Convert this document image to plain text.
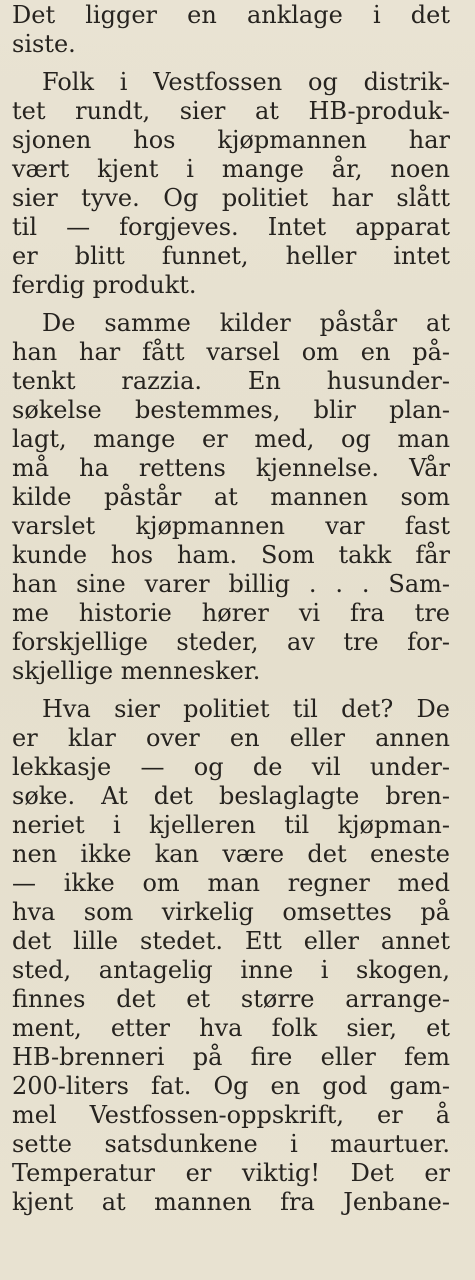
Det ligger en anklage i det
siste.
Folk i Vestfossen og distrik-
tet rundt, sier at HB-produk-
sjonen hos kjøpmannen har
vært kjent i mange år, noen
sier tyve. Og politiet har slått
til — forgjeves. Intet apparat
er blitt funnet, heller intet
ferdig produkt.
De samme kilder påstår at
han har fått varsel om en på-
tenkt razzia. En husunder-
søkelse bestemmes, blir plan-
lagt, mange er med, og man
må ha rettens kjennelse. Vår
kilde påstår at mannen som
varslet kjøpmannen var fast
kunde hos ham. Som takk får
han sine varer billig . . . Sam-
me historie hører vi fra tre
forskjellige steder, av tre for-
skjellige mennesker.
Hva sier politiet til det? De
er klar over en eller annen
lekkasje — og de vil under-
søke. At det beslaglagte bren-
neriet i kjelleren til kjøpman-
nen ikke kan være det eneste
— ikke om man regner med
hva som virkelig omsettes på
det lille stedet. Ett eller annet
sted, antagelig inne i skogen,
finnes det et større arrange-
ment, etter hva folk sier, et
HB-brenneri på fire eller fem
200-liters fat. Og en god gam-
mel Vestfossen-oppskrift, er å
sette satsdunkene i maurtuer.
Temperatur er viktig! Det er
kjent at mannen fra Jenbane-
